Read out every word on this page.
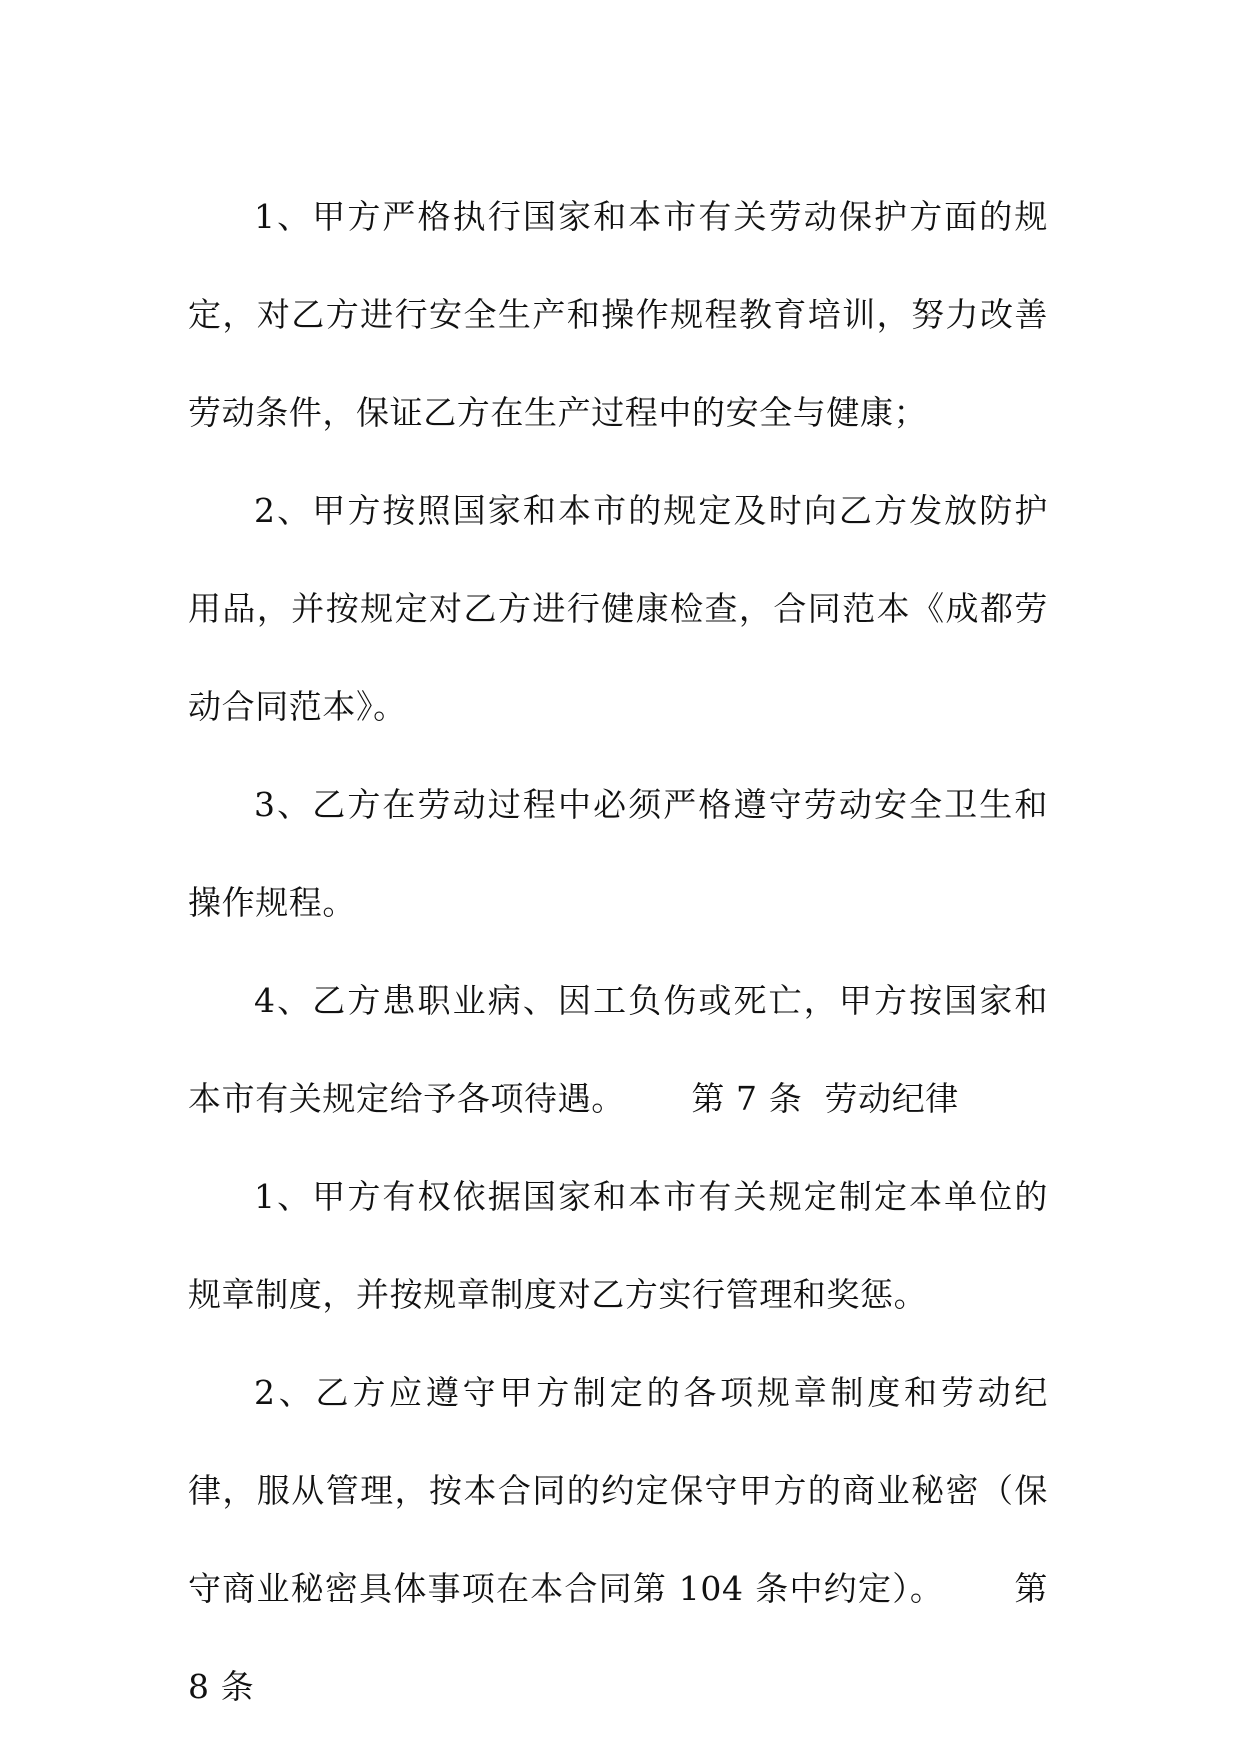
1、甲方严格执行国家和本市有关劳动保护方面的规定，对乙方进行安全生产和操作规程教育培训，努力改善劳动条件，保证乙方在生产过程中的安全与健康；

2、甲方按照国家和本市的规定及时向乙方发放防护用品，并按规定对乙方进行健康检查，合同范本《成都劳动合同范本》。

3、乙方在劳动过程中必须严格遵守劳动安全卫生和操作规程。

4、乙方患职业病、因工负伤或死亡，甲方按国家和本市有关规定给予各项待遇。      第 7 条  劳动纪律

1、甲方有权依据国家和本市有关规定制定本单位的规章制度，并按规章制度对乙方实行管理和奖惩。

2、乙方应遵守甲方制定的各项规章制度和劳动纪律，服从管理，按本合同的约定保守甲方的商业秘密（保守商业秘密具体事项在本合同第 104 条中约定）。      第 8 条
